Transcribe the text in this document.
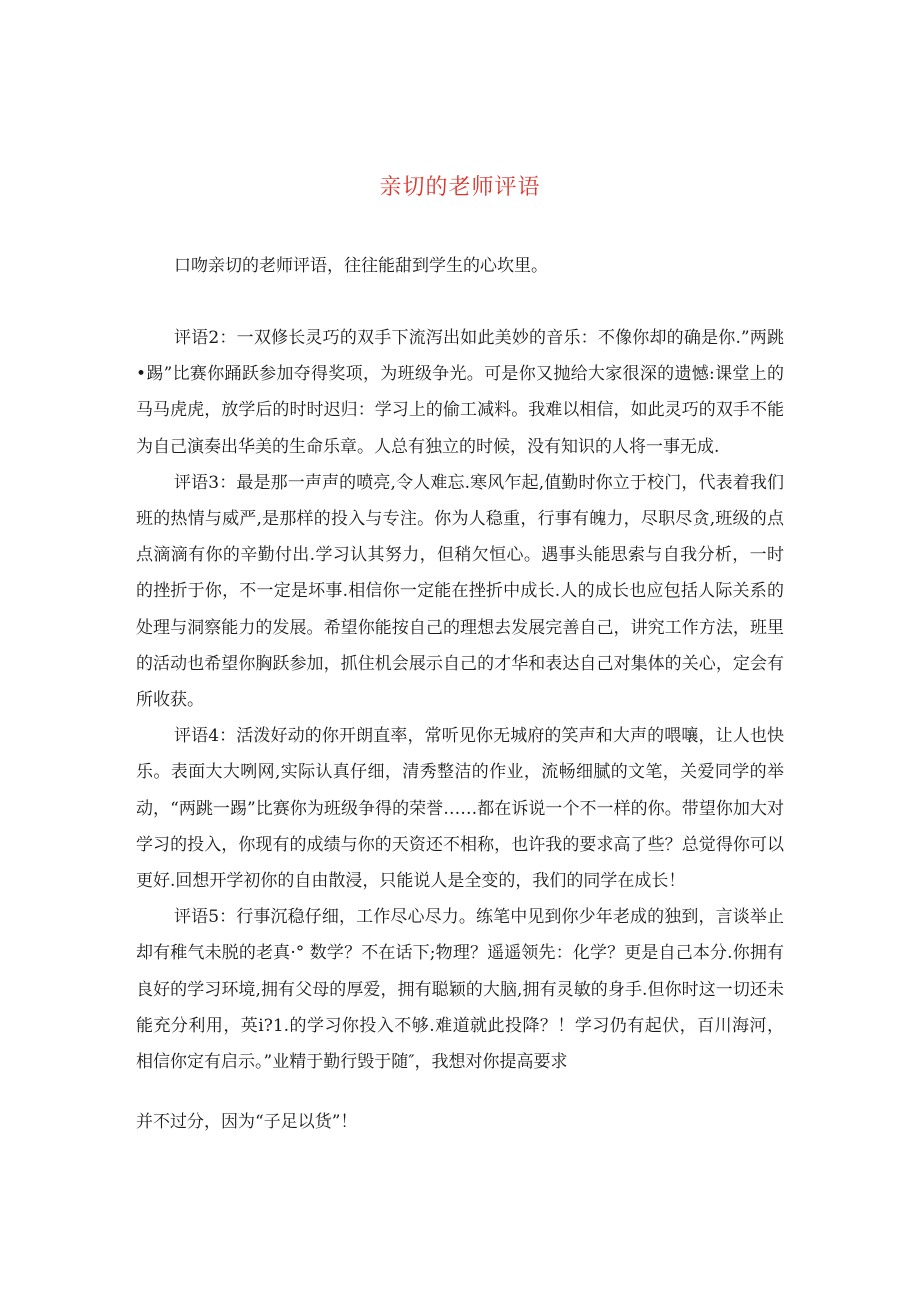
亲切的老师评语
口吻亲切的老师评语，往往能甜到学生的心坎里。

评语2：一双修长灵巧的双手下流泻出如此美妙的音乐：不像你却的确是你.”两跳•踢”比赛你踊跃参加夺得奖项，为班级争光。可是你又抛给大家很深的遗憾:课堂上的马马虎虎，放学后的时时迟归：学习上的偷工减料。我难以相信，如此灵巧的双手不能为自己演奏出华美的生命乐章。人总有独立的时候，没有知识的人将一事无成.

评语3：最是那一声声的喷亮,令人难忘.寒风乍起,值勤时你立于校门，代表着我们班的热情与威严,是那样的投入与专注。你为人稳重，行事有魄力，尽职尽贪,班级的点点滴滴有你的辛勤付出.学习认其努力，但稍欠恒心。遇事头能思索与自我分析，一时的挫折于你，不一定是坏事.相信你一定能在挫折中成长.人的成长也应包括人际关系的处理与洞察能力的发展。希望你能按自己的理想去发展完善自己，讲究工作方法，班里的活动也希望你胸跃参加，抓住机会展示自己的才华和表达自己对集体的关心，定会有所收获。

评语4：活泼好动的你开朗直率，常听见你无城府的笑声和大声的喂嚷，让人也快乐。表面大大咧网,实际认真仔细，清秀整洁的作业，流畅细腻的文笔，关爱同学的举动，“两跳一踢”比赛你为班级争得的荣誉……都在诉说一个不一样的你。带望你加大对学习的投入，你现有的成绩与你的天资还不相称，也许我的要求高了些？总觉得你可以更好.回想开学初你的自由散浸，只能说人是全变的，我们的同学在成长！

评语5：行事沉稳仔细，工作尽心尽力。练笔中见到你少年老成的独到，言谈举止却有稚气未脱的老真·° 数学？不在话下;物理？遥遥领先：化学？更是自己本分.你拥有良好的学习环境,拥有父母的厚爱，拥有聪颖的大脑,拥有灵敏的身手.但你时这一切还未能充分利用，英i?1.的学习你投入不够.难道就此投降？！学习仍有起伏，百川海河，相信你定有启示。”业精于勤行毁于随″，我想对你提高要求

并不过分，因为“子足以货”！
